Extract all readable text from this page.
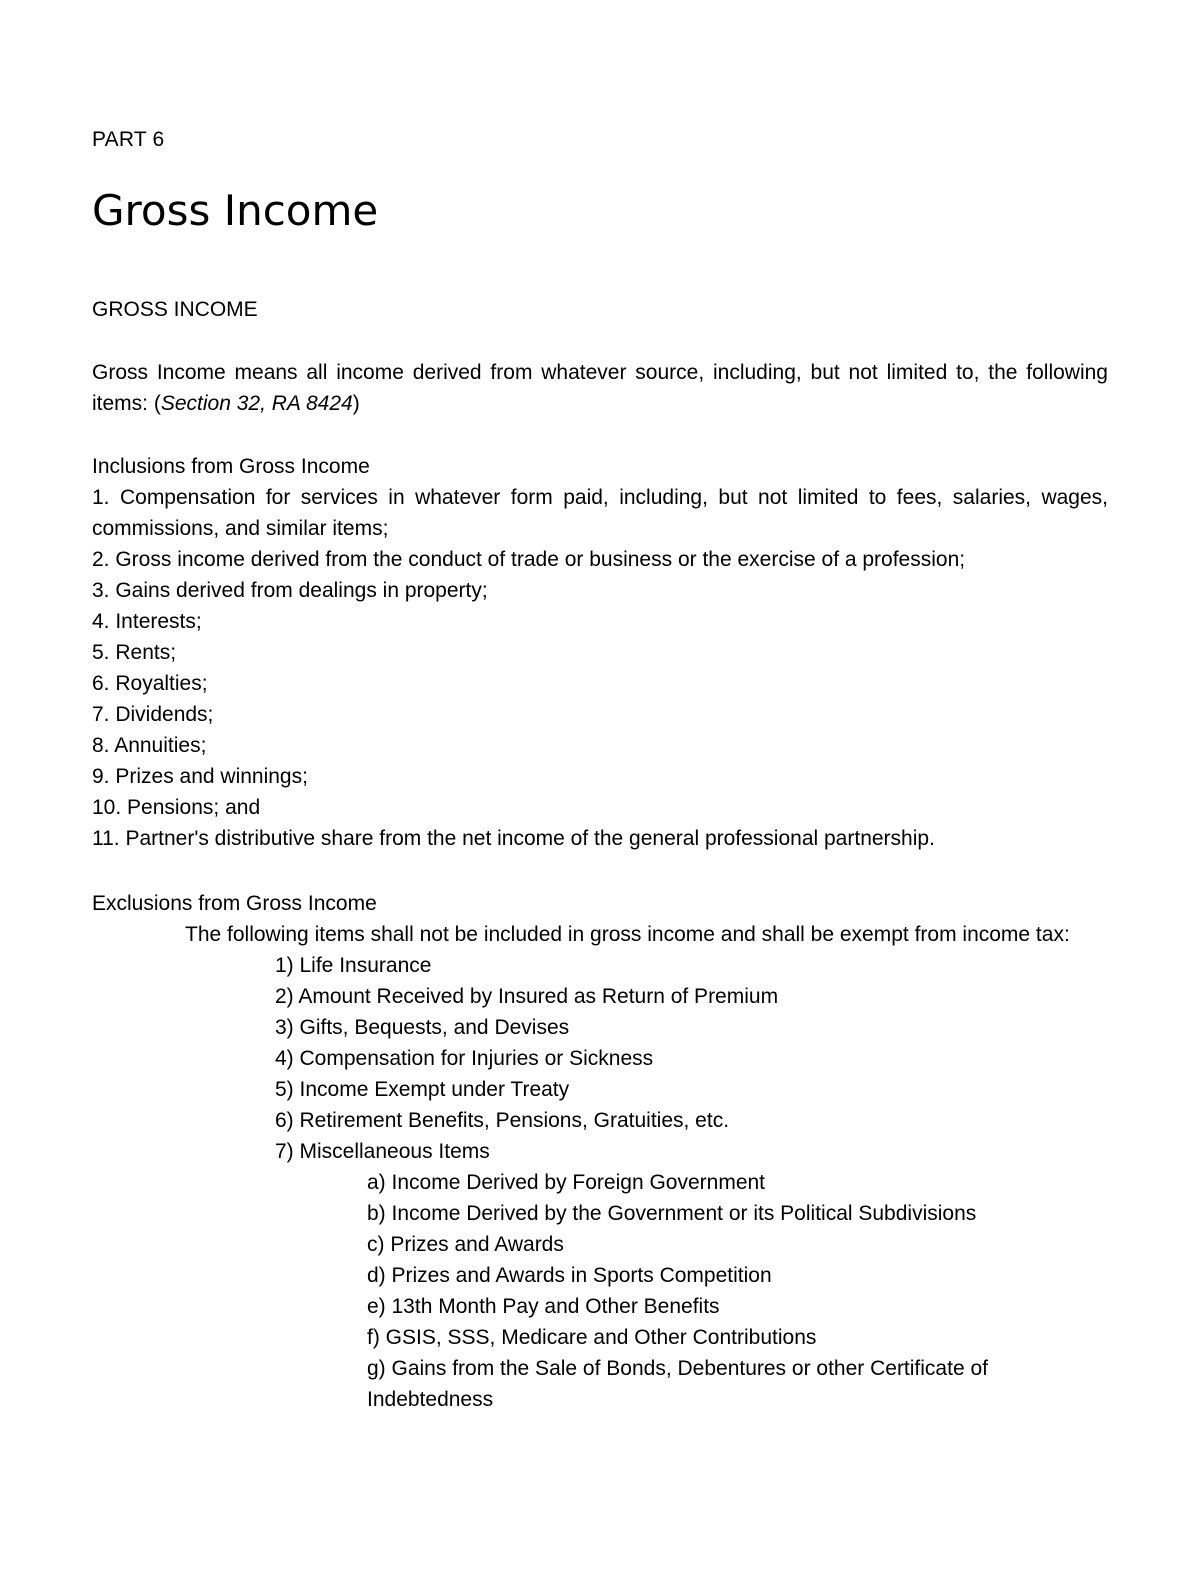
PART 6
Gross Income
GROSS INCOME

Gross Income means all income derived from whatever source, including, but not limited to, the following items: (Section 32, RA 8424)

Inclusions from Gross Income
1. Compensation for services in whatever form paid, including, but not limited to fees, salaries, wages, commissions, and similar items;
2. Gross income derived from the conduct of trade or business or the exercise of a profession;
3. Gains derived from dealings in property;
4. Interests;
5. Rents;
6. Royalties;
7. Dividends;
8. Annuities;
9. Prizes and winnings;
10. Pensions; and
11. Partner's distributive share from the net income of the general professional partnership.
Exclusions from Gross Income
The following items shall not be included in gross income and shall be exempt from income tax:
1) Life Insurance
2) Amount Received by Insured as Return of Premium
3) Gifts, Bequests, and Devises
4) Compensation for Injuries or Sickness
5) Income Exempt under Treaty
6) Retirement Benefits, Pensions, Gratuities, etc.
7) Miscellaneous Items
a) Income Derived by Foreign Government
b) Income Derived by the Government or its Political Subdivisions
c) Prizes and Awards
d) Prizes and Awards in Sports Competition
e) 13th Month Pay and Other Benefits
f) GSIS, SSS, Medicare and Other Contributions
g) Gains from the Sale of Bonds, Debentures or other Certificate of Indebtedness
